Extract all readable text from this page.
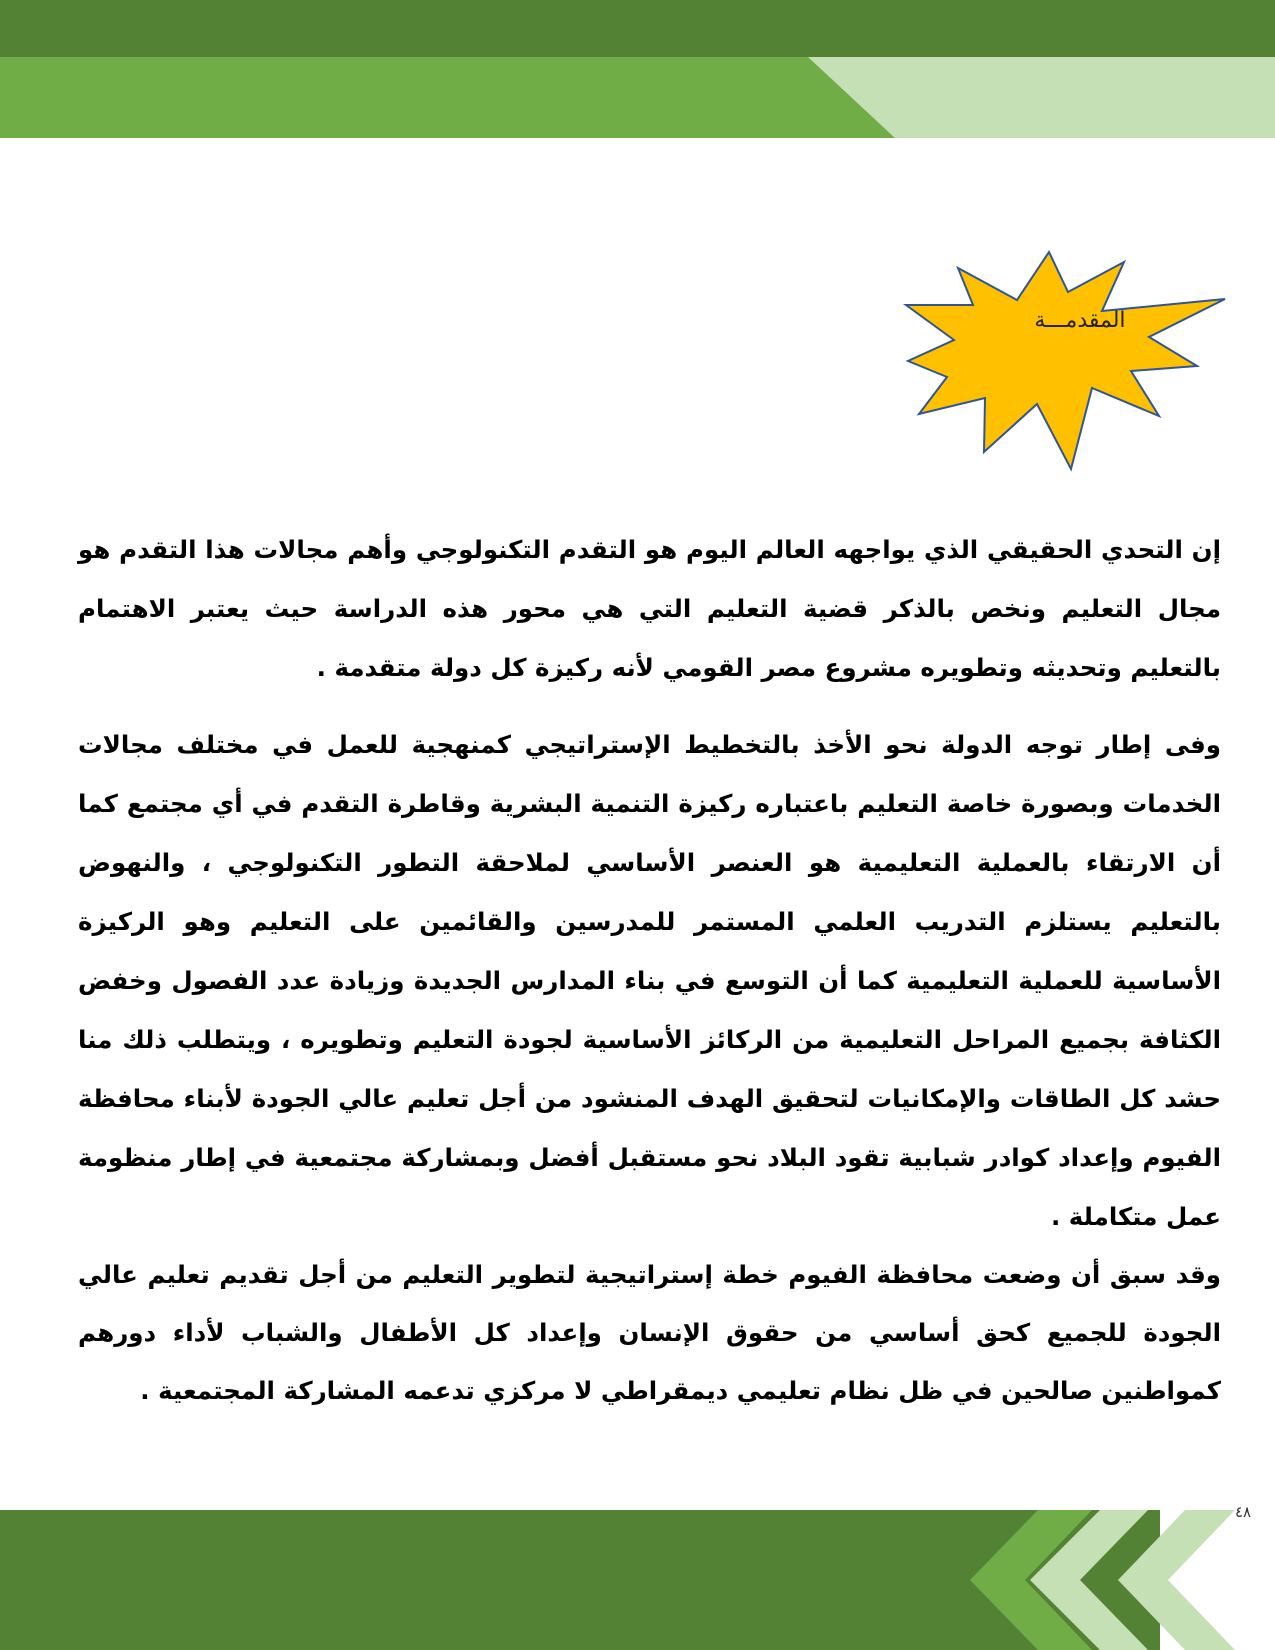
المقدمـــة

إن التحدي الحقيقي الذي يواجهه العالم اليوم هو التقدم التكنولوجي وأهم مجالات هذا التقدم هو مجال التعليم ونخص بالذكر قضية التعليم التي هي محور هذه الدراسة حيث يعتبر الاهتمام بالتعليم وتحديثه وتطويره مشروع مصر القومي لأنه ركيزة كل دولة متقدمة .

وفى إطار توجه الدولة نحو الأخذ بالتخطيط الإستراتيجي كمنهجية للعمل في مختلف مجالات الخدمات وبصورة خاصة التعليم باعتباره ركيزة التنمية البشرية وقاطرة التقدم في أي مجتمع كما أن الارتقاء بالعملية التعليمية هو العنصر الأساسي لملاحقة التطور التكنولوجي ، والنهوض بالتعليم يستلزم التدريب العلمي المستمر للمدرسين والقائمين على التعليم وهو الركيزة الأساسية للعملية التعليمية كما أن التوسع في بناء المدارس الجديدة وزيادة عدد الفصول وخفض الكثافة بجميع المراحل التعليمية من الركائز الأساسية لجودة التعليم وتطويره ، ويتطلب ذلك منا حشد كل الطاقات والإمكانيات لتحقيق الهدف المنشود من أجل تعليم عالي الجودة لأبناء محافظة الفيوم وإعداد كوادر شبابية تقود البلاد نحو مستقبل أفضل وبمشاركة مجتمعية في إطار منظومة عمل متكاملة .

وقد سبق أن وضعت محافظة الفيوم خطة إستراتيجية لتطوير التعليم من أجل تقديم تعليم عالي الجودة للجميع كحق أساسي من حقوق الإنسان وإعداد كل الأطفال والشباب لأداء دورهم كمواطنين صالحين في ظل نظام تعليمي ديمقراطي لا مركزي تدعمه المشاركة المجتمعية .

٤٨
